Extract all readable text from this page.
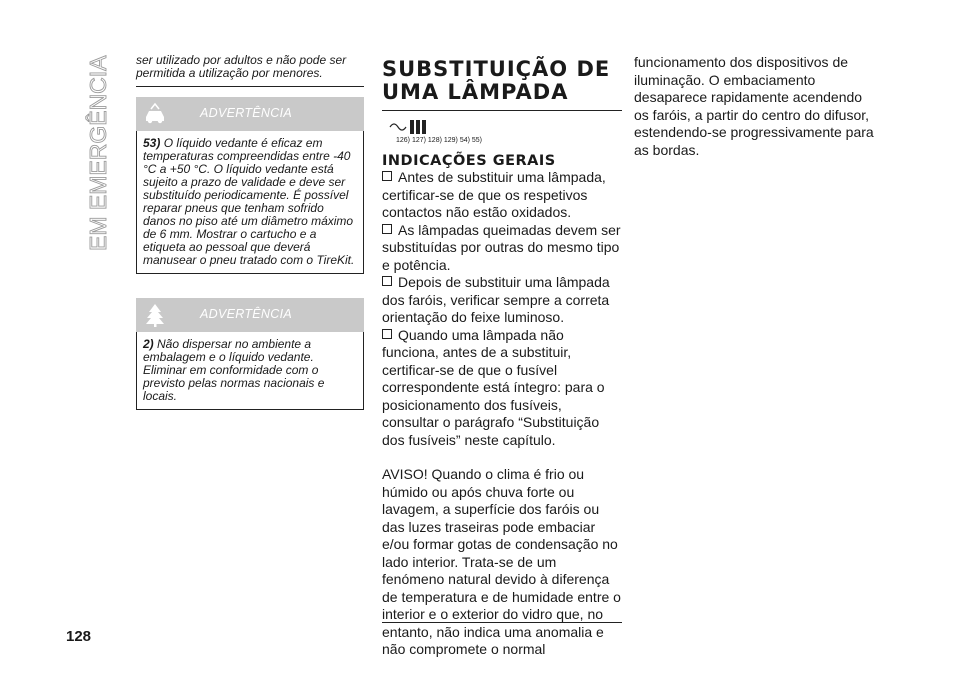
EM EMERGÊNCIA
128
ser utilizado por adultos e não pode ser permitida a utilização por menores.
ADVERTÊNCIA
53) O líquido vedante é eficaz em temperaturas compreendidas entre -40 °C a +50 °C. O líquido vedante está sujeito a prazo de validade e deve ser substituído periodicamente. É possível reparar pneus que tenham sofrido danos no piso até um diâmetro máximo de 6 mm. Mostrar o cartucho e a etiqueta ao pessoal que deverá manusear o pneu tratado com o TireKit.
ADVERTÊNCIA
2) Não dispersar no ambiente a embalagem e o líquido vedante. Eliminar em conformidade com o previsto pelas normas nacionais e locais.
SUBSTITUIÇÃO DE UMA LÂMPADA
126) 127) 128) 129) 54) 55)
INDICAÇÕES GERAIS
Antes de substituir uma lâmpada, certificar-se de que os respetivos contactos não estão oxidados.
As lâmpadas queimadas devem ser substituídas por outras do mesmo tipo e potência.
Depois de substituir uma lâmpada dos faróis, verificar sempre a correta orientação do feixe luminoso.
Quando uma lâmpada não funciona, antes de a substituir, certificar-se de que o fusível correspondente está íntegro: para o posicionamento dos fusíveis, consultar o parágrafo “Substituição dos fusíveis” neste capítulo.
AVISO! Quando o clima é frio ou húmido ou após chuva forte ou lavagem, a superfície dos faróis ou das luzes traseiras pode embaciar e/ou formar gotas de condensação no lado interior. Trata-se de um fenómeno natural devido à diferença de temperatura e de humidade entre o interior e o exterior do vidro que, no entanto, não indica uma anomalia e não compromete o normal
funcionamento dos dispositivos de iluminação. O embaciamento desaparece rapidamente acendendo os faróis, a partir do centro do difusor, estendendo-se progressivamente para as bordas.
